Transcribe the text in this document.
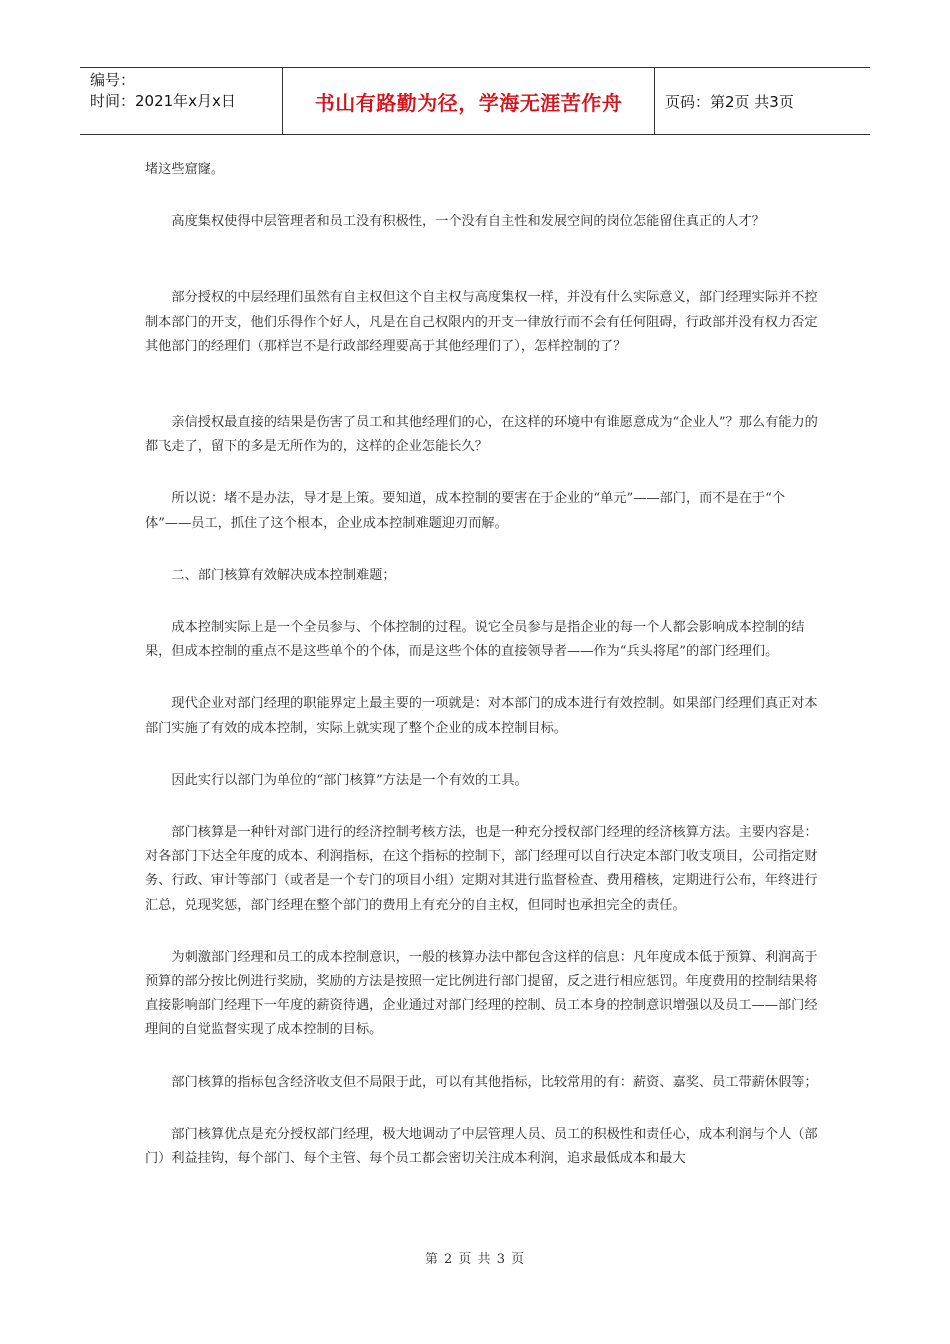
编号：
时间：2021年x月x日	书山有路勤为径，学海无涯苦作舟	页码：第2页 共3页

堵这些窟窿。

高度集权使得中层管理者和员工没有积极性，一个没有自主性和发展空间的岗位怎能留住真正的人才？

部分授权的中层经理们虽然有自主权但这个自主权与高度集权一样，并没有什么实际意义，部门经理实际并不控制本部门的开支，他们乐得作个好人，凡是在自己权限内的开支一律放行而不会有任何阻碍，行政部并没有权力否定其他部门的经理们（那样岂不是行政部经理要高于其他经理们了），怎样控制的了？

亲信授权最直接的结果是伤害了员工和其他经理们的心，在这样的环境中有谁愿意成为“企业人”？那么有能力的都飞走了，留下的多是无所作为的，这样的企业怎能长久？

所以说：堵不是办法，导才是上策。要知道，成本控制的要害在于企业的“单元”——部门，而不是在于“个体”——员工，抓住了这个根本，企业成本控制难题迎刃而解。

二、部门核算有效解决成本控制难题；

成本控制实际上是一个全员参与、个体控制的过程。说它全员参与是指企业的每一个人都会影响成本控制的结果，但成本控制的重点不是这些单个的个体，而是这些个体的直接领导者——作为“兵头将尾”的部门经理们。

现代企业对部门经理的职能界定上最主要的一项就是：对本部门的成本进行有效控制。如果部门经理们真正对本部门实施了有效的成本控制，实际上就实现了整个企业的成本控制目标。

因此实行以部门为单位的“部门核算”方法是一个有效的工具。

部门核算是一种针对部门进行的经济控制考核方法，也是一种充分授权部门经理的经济核算方法。主要内容是：对各部门下达全年度的成本、利润指标，在这个指标的控制下，部门经理可以自行决定本部门收支项目，公司指定财务、行政、审计等部门（或者是一个专门的项目小组）定期对其进行监督检查、费用稽核，定期进行公布，年终进行汇总，兑现奖惩，部门经理在整个部门的费用上有充分的自主权，但同时也承担完全的责任。

为刺激部门经理和员工的成本控制意识，一般的核算办法中都包含这样的信息：凡年度成本低于预算、利润高于预算的部分按比例进行奖励，奖励的方法是按照一定比例进行部门提留，反之进行相应惩罚。年度费用的控制结果将直接影响部门经理下一年度的薪资待遇，企业通过对部门经理的控制、员工本身的控制意识增强以及员工——部门经理间的自觉监督实现了成本控制的目标。

部门核算的指标包含经济收支但不局限于此，可以有其他指标，比较常用的有：薪资、嘉奖、员工带薪休假等；

部门核算优点是充分授权部门经理，极大地调动了中层管理人员、员工的积极性和责任心，成本利润与个人（部门）利益挂钩，每个部门、每个主管、每个员工都会密切关注成本利润，追求最低成本和最大

第 2 页 共 3 页
